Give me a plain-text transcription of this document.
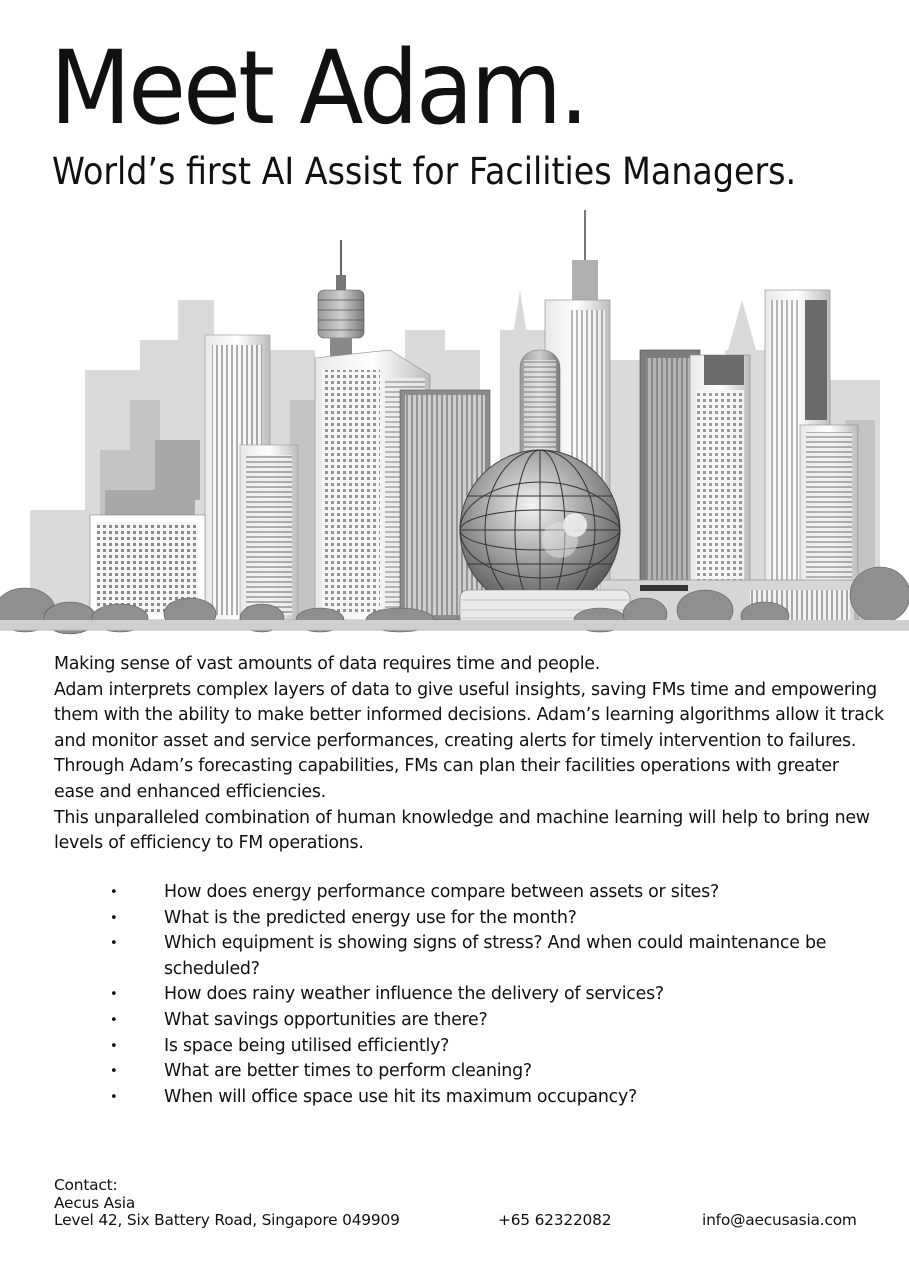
Meet Adam.
World’s first AI Assist for Facilities Managers.

Making sense of vast amounts of data requires time and people.

Adam interprets complex layers of data to give useful insights, saving FMs time and empowering them with the ability to make better informed decisions. Adam’s learning algorithms allow it track and monitor asset and service performances, creating alerts for timely intervention to failures. Through Adam’s forecasting capabilities, FMs can plan their facilities operations with greater ease and enhanced efficiencies.

This unparalleled combination of human knowledge and machine learning will help to bring new levels of efficiency to FM operations.

• How does energy performance compare between assets or sites?
• What is the predicted energy use for the month?
• Which equipment is showing signs of stress? And when could maintenance be scheduled?
• How does rainy weather influence the delivery of services?
• What savings opportunities are there?
• Is space being utilised efficiently?
• What are better times to perform cleaning?
• When will office space use hit its maximum occupancy?
Contact:
Aecus Asia
Level 42, Six Battery Road, Singapore 049909	+65 62322082	info@aecusasia.com
